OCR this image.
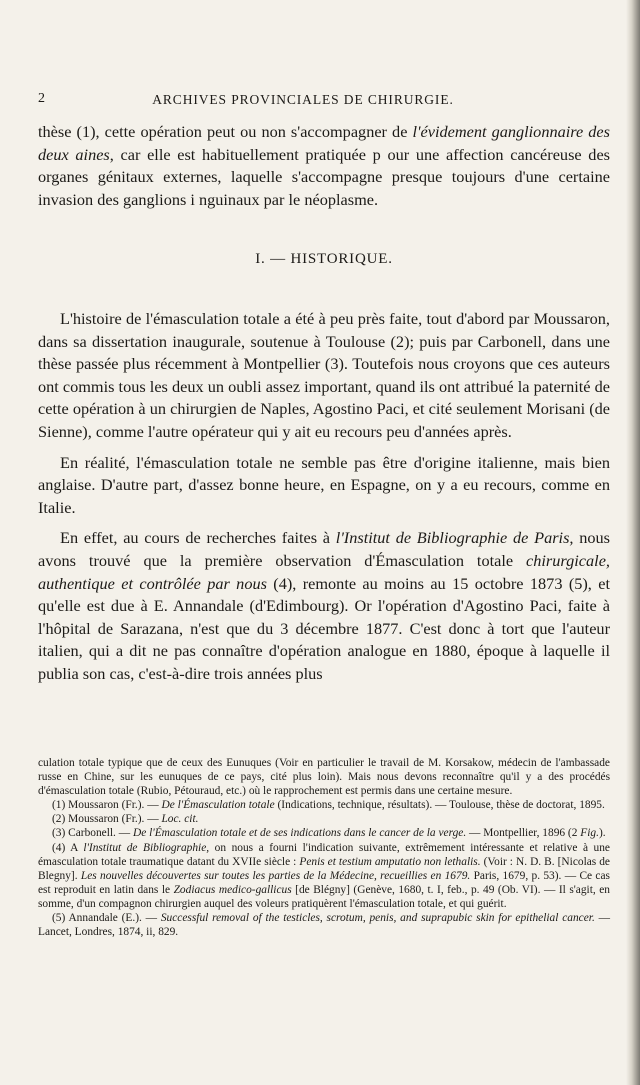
2	ARCHIVES PROVINCIALES DE CHIRURGIE.

thèse (1), cette opération peut ou non s'accompagner de l'évidement ganglionnaire des deux aines, car elle est habituellement pratiquée p our une affection cancéreuse des organes génitaux externes, laquelle s'accompagne presque toujours d'une certaine invasion des ganglions i nguinaux par le néoplasme.

I. — HISTORIQUE.

L'histoire de l'émasculation totale a été à peu près faite, tout d'abord par Moussaron, dans sa dissertation inaugurale, soutenue à Toulouse (2); puis par Carbonell, dans une thèse passée plus récemment à Montpellier (3). Toutefois nous croyons que ces auteurs ont commis tous les deux un oubli assez important, quand ils ont attribué la paternité de cette opération à un chirurgien de Naples, Agostino Paci, et cité seulement Morisani (de Sienne), comme l'autre opérateur qui y ait eu recours peu d'années après.

En réalité, l'émasculation totale ne semble pas être d'origine italienne, mais bien anglaise. D'autre part, d'assez bonne heure, en Espagne, on y a eu recours, comme en Italie.

En effet, au cours de recherches faites à l'Institut de Bibliographie de Paris, nous avons trouvé que la première observation d'Émasculation totale chirurgicale, authentique et contrôlée par nous (4), remonte au moins au 15 octobre 1873 (5), et qu'elle est due à E. Annandale (d'Edimbourg). Or l'opération d'Agostino Paci, faite à l'hôpital de Sarazana, n'est que du 3 décembre 1877. C'est donc à tort que l'auteur italien, qui a dit ne pas connaître d'opération analogue en 1880, époque à laquelle il publia son cas, c'est-à-dire trois années plus

culation totale typique que de ceux des Eunuques (Voir en particulier le travail de M. Korsakow, médecin de l'ambassade russe en Chine, sur les eunuques de ce pays, cité plus loin). Mais nous devons reconnaître qu'il y a des procédés d'émasculation totale (Rubio, Pétouraud, etc.) où le rapprochement est permis dans une certaine mesure.

(1) Moussaron (Fr.). — De l'Émasculation totale (Indications, technique, résultats). — Toulouse, thèse de doctorat, 1895.

(2) Moussaron (Fr.). — Loc. cit.

(3) Carbonell. — De l'Émasculation totale et de ses indications dans le cancer de la verge. — Montpellier, 1896 (2 Fig.).

(4) A l'Institut de Bibliographie, on nous a fourni l'indication suivante, extrêmement intéressante et relative à une émasculation totale traumatique datant du XVIIe siècle : Penis et testium amputatio non lethalis. (Voir : N. D. B. [Nicolas de Blegny]. Les nouvelles découvertes sur toutes les parties de la Médecine, recueillies en 1679. Paris, 1679, p. 53). — Ce cas est reproduit en latin dans le Zodiacus medico-gallicus [de Blégny] (Genève, 1680, t. I, feb., p. 49 (Ob. VI). — Il s'agit, en somme, d'un compagnon chirurgien auquel des voleurs pratiquèrent l'émasculation totale, et qui guérit.

(5) Annandale (E.). — Successful removal of the testicles, scrotum, penis, and suprapubic skin for epithelial cancer. — Lancet, Londres, 1874, ii, 829.
